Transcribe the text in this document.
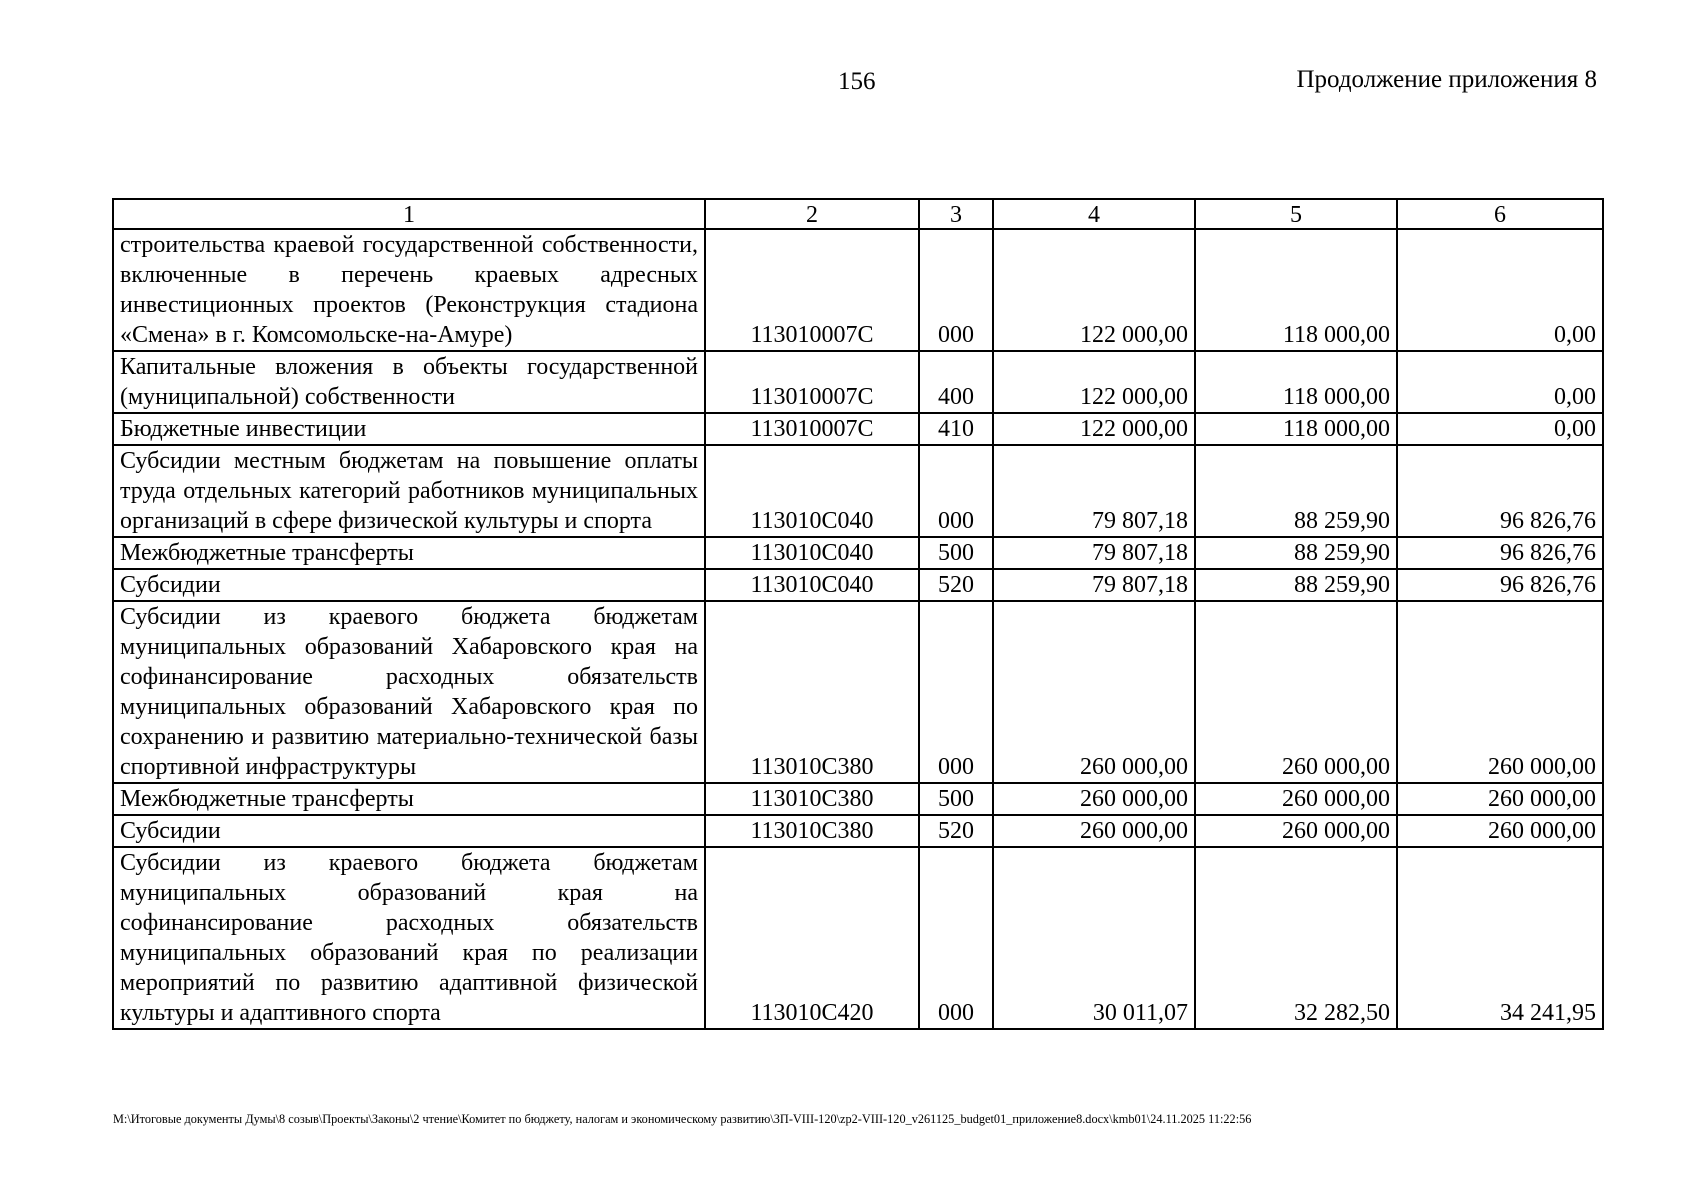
156	Продолжение приложения 8
1	2	3	4	5	6
строительства краевой государственной собственности, включенные в перечень краевых адресных инвестиционных проектов (Реконструкция стадиона «Смена» в г. Комсомольске-на-Амуре)	113010007С	000	122 000,00	118 000,00	0,00
Капитальные вложения в объекты государственной (муниципальной) собственности	113010007С	400	122 000,00	118 000,00	0,00
Бюджетные инвестиции	113010007С	410	122 000,00	118 000,00	0,00
Субсидии местным бюджетам на повышение оплаты труда отдельных категорий работников муниципальных организаций в сфере физической культуры и спорта	113010С040	000	79 807,18	88 259,90	96 826,76
Межбюджетные трансферты	113010С040	500	79 807,18	88 259,90	96 826,76
Субсидии	113010С040	520	79 807,18	88 259,90	96 826,76
Субсидии из краевого бюджета бюджетам муниципальных образований Хабаровского края на софинансирование расходных обязательств муниципальных образований Хабаровского края по сохранению и развитию материально-технической базы спортивной инфраструктуры	113010С380	000	260 000,00	260 000,00	260 000,00
Межбюджетные трансферты	113010С380	500	260 000,00	260 000,00	260 000,00
Субсидии	113010С380	520	260 000,00	260 000,00	260 000,00
Субсидии из краевого бюджета бюджетам муниципальных образований края на софинансирование расходных обязательств муниципальных образований края по реализации мероприятий по развитию адаптивной физической культуры и адаптивного спорта	113010С420	000	30 011,07	32 282,50	34 241,95
M:\Итоговые документы Думы\8 созыв\Проекты\Законы\2 чтение\Комитет по бюджету, налогам и экономическому развитию\ЗП-VIII-120\zp2-VIII-120_v261125_budget01_приложение8.docx\kmb01\24.11.2025 11:22:56
